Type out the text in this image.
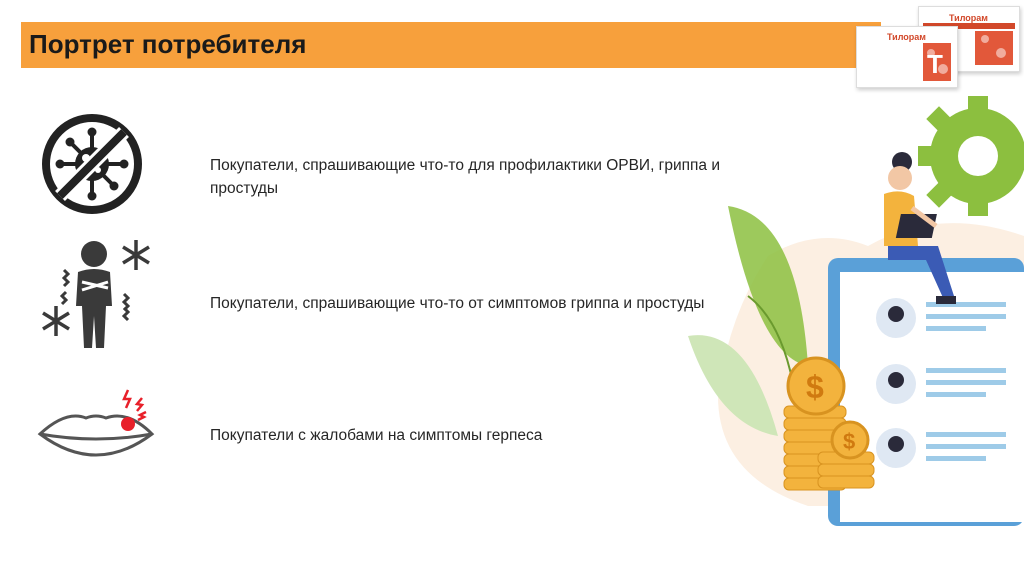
Портрет потребителя
Тилорам
Тилорам
Т
Покупатели, спрашивающие что-то для профилактики ОРВИ, гриппа и простуды
Покупатели, спрашивающие что-то от симптомов гриппа и простуды
Покупатели с жалобами на симптомы герпеса
$
$
